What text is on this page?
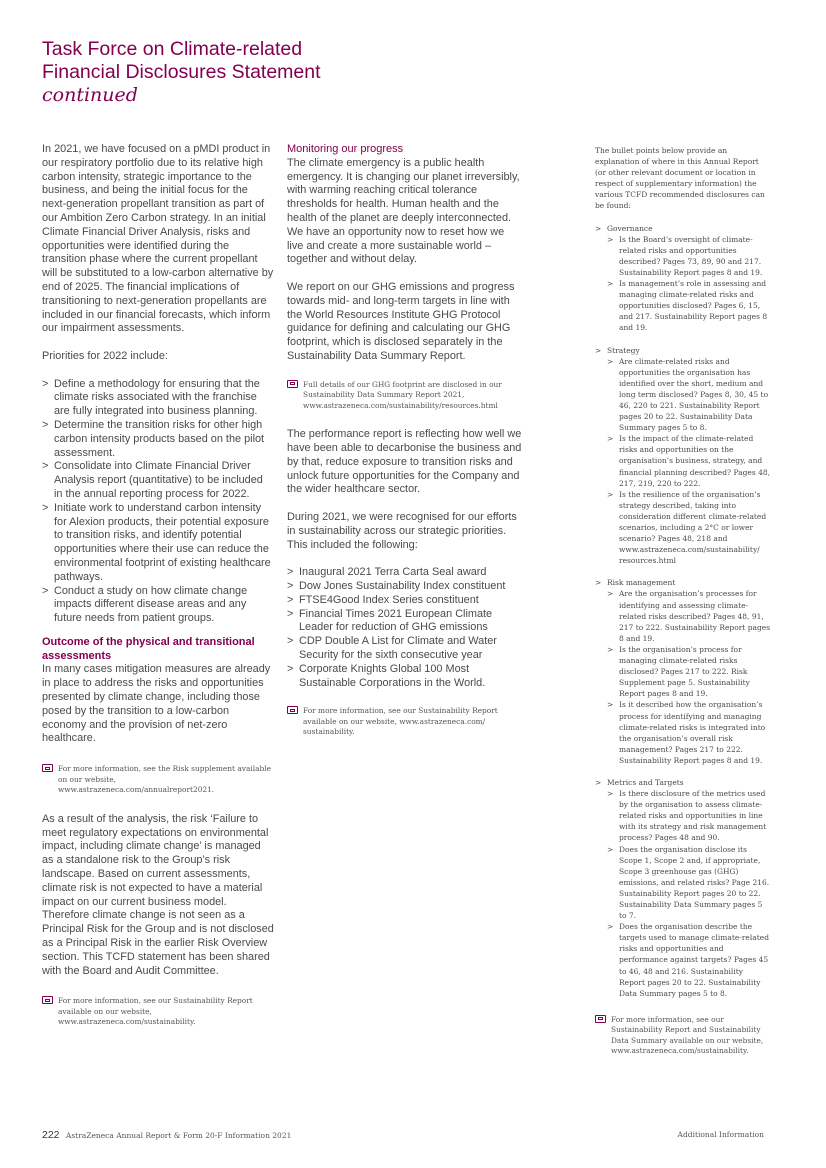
Task Force on Climate-related
Financial Disclosures Statement
continued

In 2021, we have focused on a pMDI product in our respiratory portfolio due to its relative high carbon intensity, strategic importance to the business, and being the initial focus for the next-generation propellant transition as part of our Ambition Zero Carbon strategy. In an initial Climate Financial Driver Analysis, risks and opportunities were identified during the transition phase where the current propellant will be substituted to a low-carbon alternative by end of 2025. The financial implications of transitioning to next-generation propellants are included in our financial forecasts, which inform our impairment assessments.

Priorities for 2022 include:

> Define a methodology for ensuring that the climate risks associated with the franchise are fully integrated into business planning.
> Determine the transition risks for other high carbon intensity products based on the pilot assessment.
> Consolidate into Climate Financial Driver Analysis report (quantitative) to be included in the annual reporting process for 2022.
> Initiate work to understand carbon intensity for Alexion products, their potential exposure to transition risks, and identify potential opportunities where their use can reduce the environmental footprint of existing healthcare pathways.
> Conduct a study on how climate change impacts different disease areas and any future needs from patient groups.

Outcome of the physical and transitional assessments

In many cases mitigation measures are already in place to address the risks and opportunities presented by climate change, including those posed by the transition to a low-carbon economy and the provision of net-zero healthcare.

For more information, see the Risk supplement available on our website, www.astrazeneca.com/annualreport2021.

As a result of the analysis, the risk ‘Failure to meet regulatory expectations on environmental impact, including climate change’ is managed as a standalone risk to the Group’s risk landscape. Based on current assessments, climate risk is not expected to have a material impact on our current business model. Therefore climate change is not seen as a Principal Risk for the Group and is not disclosed as a Principal Risk in the earlier Risk Overview section. This TCFD statement has been shared with the Board and Audit Committee.

For more information, see our Sustainability Report available on our website, www.astrazeneca.com/sustainability.

Monitoring our progress

The climate emergency is a public health emergency. It is changing our planet irreversibly, with warming reaching critical tolerance thresholds for health. Human health and the health of the planet are deeply interconnected. We have an opportunity now to reset how we live and create a more sustainable world – together and without delay.

We report on our GHG emissions and progress towards mid- and long-term targets in line with the World Resources Institute GHG Protocol guidance for defining and calculating our GHG footprint, which is disclosed separately in the Sustainability Data Summary Report.

Full details of our GHG footprint are disclosed in our Sustainability Data Summary Report 2021, www.astrazeneca.com/sustainability/resources.html

The performance report is reflecting how well we have been able to decarbonise the business and by that, reduce exposure to transition risks and unlock future opportunities for the Company and the wider healthcare sector.

During 2021, we were recognised for our efforts in sustainability across our strategic priorities. This included the following:

> Inaugural 2021 Terra Carta Seal award
> Dow Jones Sustainability Index constituent
> FTSE4Good Index Series constituent
> Financial Times 2021 European Climate Leader for reduction of GHG emissions
> CDP Double A List for Climate and Water Security for the sixth consecutive year
> Corporate Knights Global 100 Most Sustainable Corporations in the World.

For more information, see our Sustainability Report available on our website, www.astrazeneca.com/ sustainability.

The bullet points below provide an explanation of where in this Annual Report (or other relevant document or location in respect of supplementary information) the various TCFD recommended disclosures can be found:

> Governance

> Is the Board’s oversight of climate-related risks and opportunities described? Pages 73, 89, 90 and 217. Sustainability Report pages 8 and 19.
> Is management’s role in assessing and managing climate-related risks and opportunities disclosed? Pages 6, 15, and 217. Sustainability Report pages 8 and 19.

> Strategy

> Are climate-related risks and opportunities the organisation has identified over the short, medium and long term disclosed? Pages 8, 30, 45 to 46, 220 to 221. Sustainability Report pages 20 to 22. Sustainability Data Summary pages 5 to 8.
> Is the impact of the climate-related risks and opportunities on the organisation’s business, strategy, and financial planning described? Pages 48, 217, 219, 220 to 222.
> Is the resilience of the organisation’s strategy described, taking into consideration different climate-related scenarios, including a 2°C or lower scenario? Pages 48, 218 and www.astrazeneca.com/sustainability/ resources.html

> Risk management

> Are the organisation’s processes for identifying and assessing climate-related risks described? Pages 48, 91, 217 to 222. Sustainability Report pages 8 and 19.
> Is the organisation’s process for managing climate-related risks disclosed? Pages 217 to 222. Risk Supplement page 5. Sustainability Report pages 8 and 19.
> Is it described how the organisation’s process for identifying and managing climate-related risks is integrated into the organisation’s overall risk management? Pages 217 to 222. Sustainability Report pages 8 and 19.

> Metrics and Targets

> Is there disclosure of the metrics used by the organisation to assess climate-related risks and opportunities in line with its strategy and risk management process? Pages 48 and 90.
> Does the organisation disclose its Scope 1, Scope 2 and, if appropriate, Scope 3 greenhouse gas (GHG) emissions, and related risks? Page 216. Sustainability Report pages 20 to 22. Sustainability Data Summary pages 5 to 7.
> Does the organisation describe the targets used to manage climate-related risks and opportunities and performance against targets? Pages 45 to 46, 48 and 216. Sustainability Report pages 20 to 22. Sustainability Data Summary pages 5 to 8.

For more information, see our Sustainability Report and Sustainability Data Summary available on our website, www.astrazeneca.com/sustainability.

222 AstraZeneca Annual Report & Form 20-F Information 2021	Additional Information
